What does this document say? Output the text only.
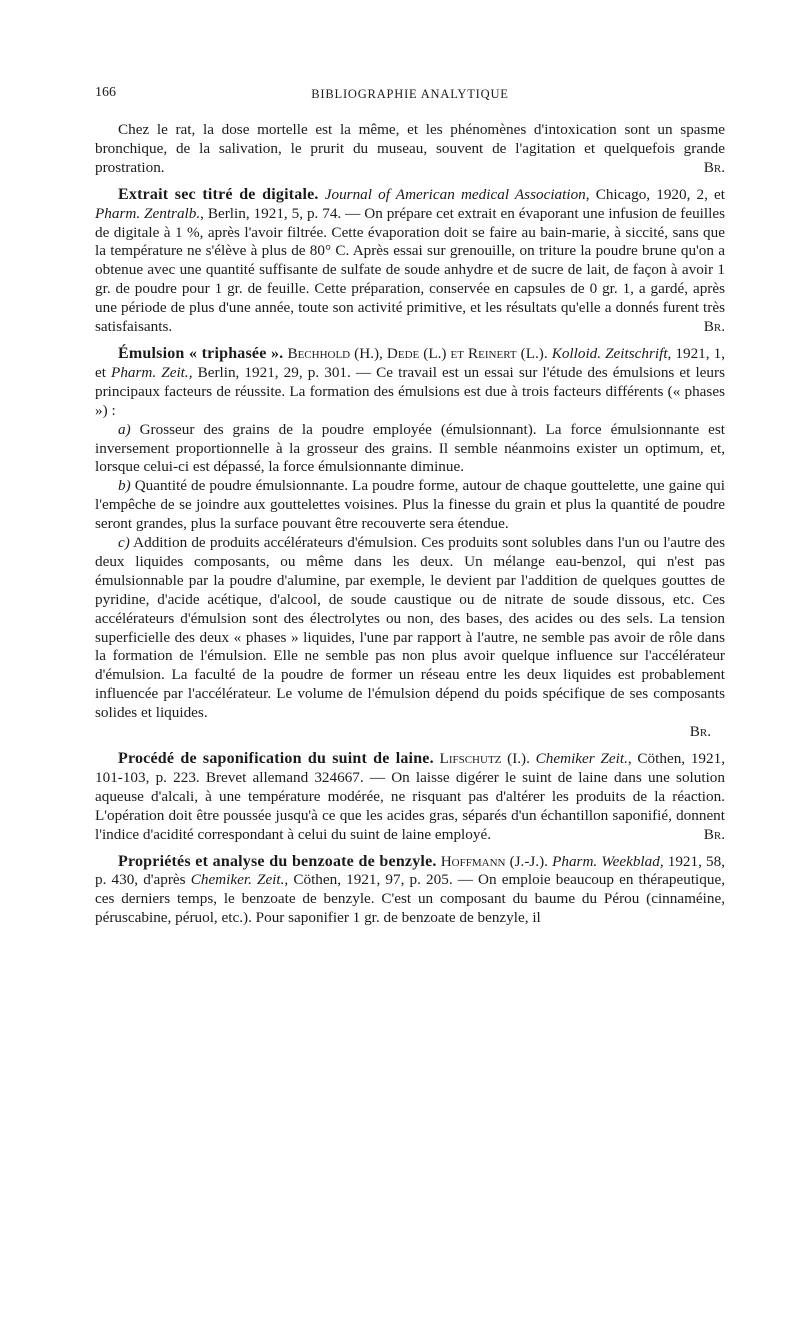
166	BIBLIOGRAPHIE ANALYTIQUE

Chez le rat, la dose mortelle est la même, et les phénomènes d'intoxication sont un spasme bronchique, de la salivation, le prurit du museau, souvent de l'agitation et quelquefois grande prostration.	Br.

Extrait sec titré de digitale. Journal of American medical Association, Chicago, 1920, 2, et Pharm. Zentralb., Berlin, 1921, 5, p. 74. — On prépare cet extrait en évaporant une infusion de feuilles de digitale à 1 %, après l'avoir filtrée. Cette évaporation doit se faire au bain-marie, à siccité, sans que la température ne s'élève à plus de 80° C. Après essai sur grenouille, on triture la poudre brune qu'on a obtenue avec une quantité suffisante de sulfate de soude anhydre et de sucre de lait, de façon à avoir 1 gr. de poudre pour 1 gr. de feuille. Cette préparation, conservée en capsules de 0 gr. 1, a gardé, après une période de plus d'une année, toute son activité primitive, et les résultats qu'elle a donnés furent très satisfaisants.	Br.

Émulsion « triphasée ». Bechhold (H.), Dede (L.) et Reinert (L.). Kolloid. Zeitschrift, 1921, 1, et Pharm. Zeit., Berlin, 1921, 29, p. 301. — Ce travail est un essai sur l'étude des émulsions et leurs principaux facteurs de réussite. La formation des émulsions est due à trois facteurs différents (« phases ») :

a) Grosseur des grains de la poudre employée (émulsionnant). La force émulsionnante est inversement proportionnelle à la grosseur des grains. Il semble néanmoins exister un optimum, et, lorsque celui-ci est dépassé, la force émulsionnante diminue.

b) Quantité de poudre émulsionnante. La poudre forme, autour de chaque gouttelette, une gaine qui l'empêche de se joindre aux gouttelettes voisines. Plus la finesse du grain et plus la quantité de poudre seront grandes, plus la surface pouvant être recouverte sera étendue.

c) Addition de produits accélérateurs d'émulsion. Ces produits sont solubles dans l'un ou l'autre des deux liquides composants, ou même dans les deux. Un mélange eau-benzol, qui n'est pas émulsionnable par la poudre d'alumine, par exemple, le devient par l'addition de quelques gouttes de pyridine, d'acide acétique, d'alcool, de soude caustique ou de nitrate de soude dissous, etc. Ces accélérateurs d'émulsion sont des électrolytes ou non, des bases, des acides ou des sels. La tension superficielle des deux « phases » liquides, l'une par rapport à l'autre, ne semble pas avoir de rôle dans la formation de l'émulsion. Elle ne semble pas non plus avoir quelque influence sur l'accélérateur d'émulsion. La faculté de la poudre de former un réseau entre les deux liquides est probablement influencée par l'accélérateur. Le volume de l'émulsion dépend du poids spécifique de ses composants solides et liquides.

Br.

Procédé de saponification du suint de laine. Lifschutz (I.). Chemiker Zeit., Cöthen, 1921, 101-103, p. 223. Brevet allemand 324667. — On laisse digérer le suint de laine dans une solution aqueuse d'alcali, à une température modérée, ne risquant pas d'altérer les produits de la réaction. L'opération doit être poussée jusqu'à ce que les acides gras, séparés d'un échantillon saponifié, donnent l'indice d'acidité correspondant à celui du suint de laine employé.	Br.

Propriétés et analyse du benzoate de benzyle. Hoffmann (J.-J.). Pharm. Weekblad, 1921, 58, p. 430, d'après Chemiker. Zeit., Cöthen, 1921, 97, p. 205. — On emploie beaucoup en thérapeutique, ces derniers temps, le benzoate de benzyle. C'est un composant du baume du Pérou (cinnaméine, péruscabine, péruol, etc.). Pour saponifier 1 gr. de benzoate de benzyle, il
